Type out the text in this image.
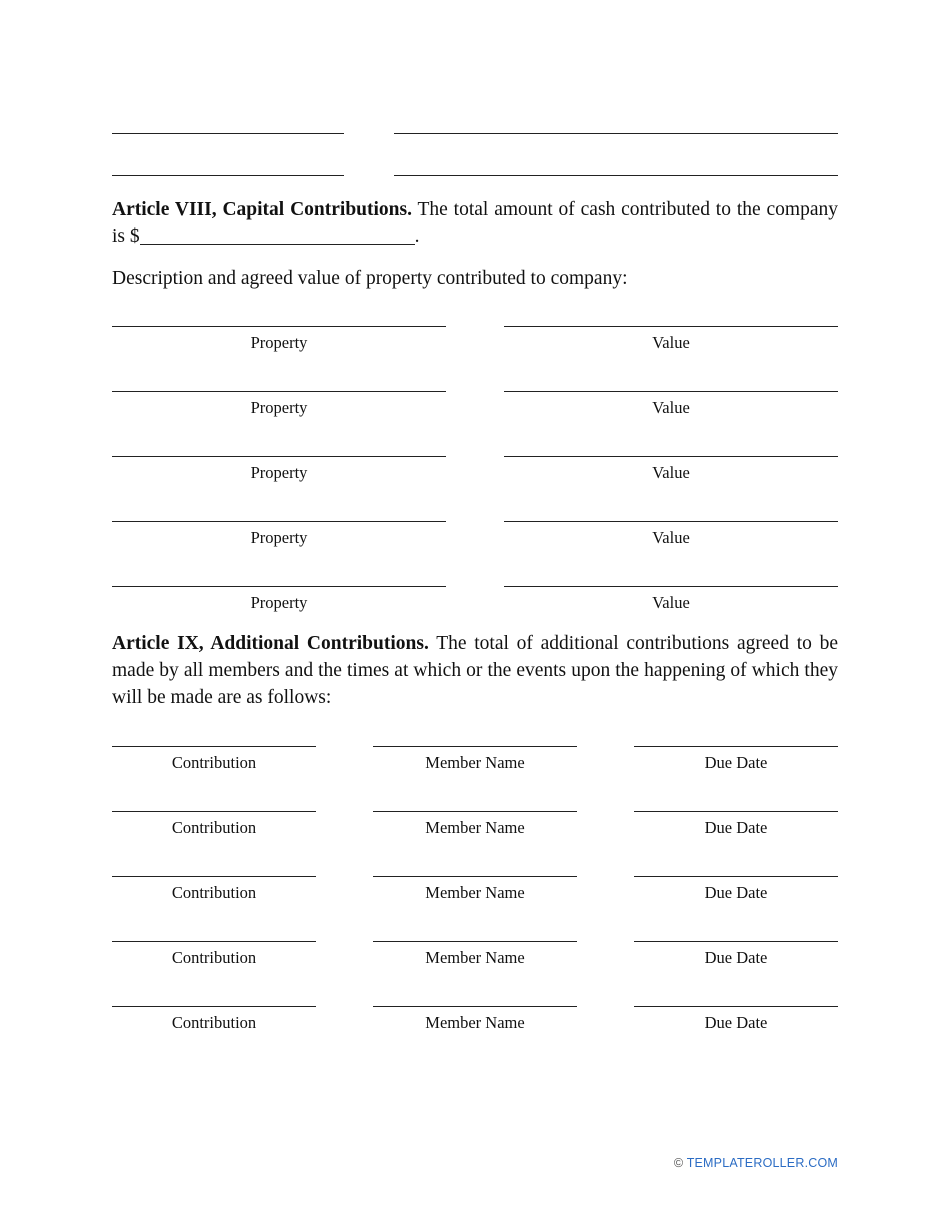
Article VIII, Capital Contributions. The total amount of cash contributed to the company is $	.
Description and agreed value of property contributed to company:
Property	Value
Property	Value
Property	Value
Property	Value
Property	Value
Article IX, Additional Contributions. The total of additional contributions agreed to be made by all members and the times at which or the events upon the happening of which they will be made are as follows:
Contribution	Member Name	Due Date
Contribution	Member Name	Due Date
Contribution	Member Name	Due Date
Contribution	Member Name	Due Date
Contribution	Member Name	Due Date
© TEMPLATEROLLER.COM
